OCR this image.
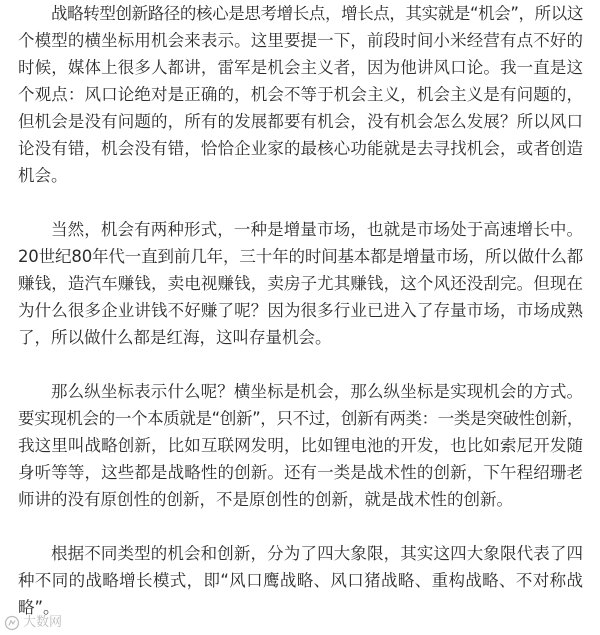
战略转型创新路径的核心是思考增长点，增长点，其实就是“机会”，所以这
个模型的横坐标用机会来表示。这里要提一下，前段时间小米经营有点不好的
时候，媒体上很多人都讲，雷军是机会主义者，因为他讲风口论。我一直是这
个观点：风口论绝对是正确的，机会不等于机会主义，机会主义是有问题的，
但机会是没有问题的，所有的发展都要有机会，没有机会怎么发展？所以风口
论没有错，机会没有错，恰恰企业家的最核心功能就是去寻找机会，或者创造
机会。
当然，机会有两种形式，一种是增量市场，也就是市场处于高速增长中。
20世纪80年代一直到前几年，三十年的时间基本都是增量市场，所以做什么都
赚钱，造汽车赚钱，卖电视赚钱，卖房子尤其赚钱，这个风还没刮完。但现在
为什么很多企业讲钱不好赚了呢？因为很多行业已进入了存量市场，市场成熟
了，所以做什么都是红海，这叫存量机会。
那么纵坐标表示什么呢？横坐标是机会，那么纵坐标是实现机会的方式。
要实现机会的一个本质就是“创新”，只不过，创新有两类：一类是突破性创新，
我这里叫战略创新，比如互联网发明，比如锂电池的开发，也比如索尼开发随
身听等等，这些都是战略性的创新。还有一类是战术性的创新，下午程绍珊老
师讲的没有原创性的创新，不是原创性的创新，就是战术性的创新。
根据不同类型的机会和创新，分为了四大象限，其实这四大象限代表了四
种不同的战略增长模式，即“风口鹰战略、风口猪战略、重构战略、不对称战
略”。
大数网
